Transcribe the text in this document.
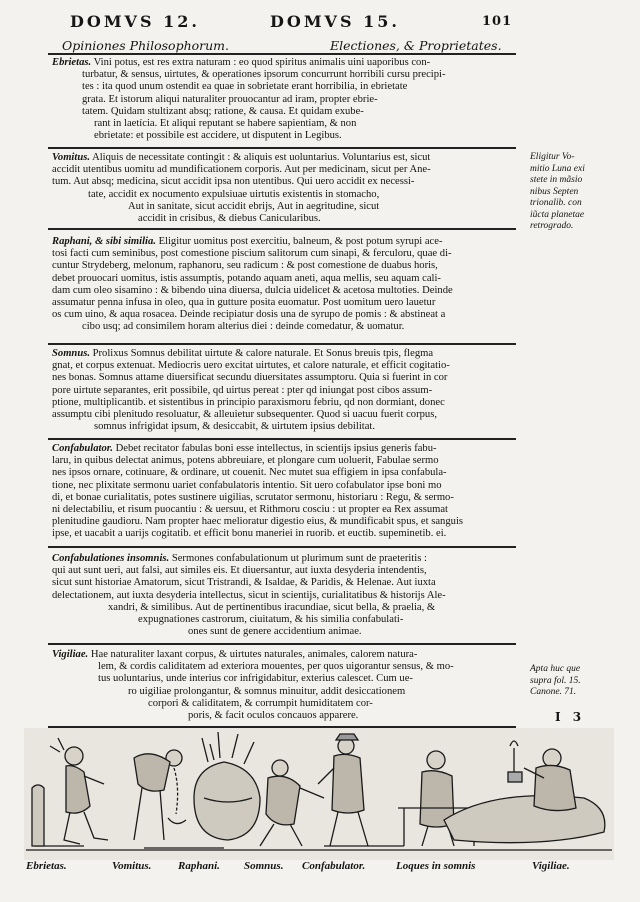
DOMVS 12.	DOMVS 15.	101
Opiniones Philosophorum.	Electiones, & Proprietates.
Ebrietas. Vini potus, est res extra naturam : eo quod spiritus animalis uini uaporibus con-
turbatur, & sensus, uirtutes, & operationes ipsorum concurrunt horribili cursu precipi-
tes : ita quod unum ostendit ea quae in sobrietate erant horribilia, in ebrietate
grata. Et istorum aliqui naturaliter prouocantur ad iram, propter ebrie-
tatem. Quidam stultizant absq; ratione, & causa. Et quidam exube-
rant in laetícia. Et aliqui reputant se habere sapientiam, & non
ebrietate: et possibile est accidere, ut disputent in Legibus.
Vomitus. Aliquis de necessitate contingit : & aliquis est uoluntarius. Voluntarius est, sicut
accidit utentibus uomitu ad mundificationem corporis. Aut per medicinam, sicut per Ane-
tum. Aut absq; medicina, sicut accidit ipsa non utentibus. Qui uero accidit ex necessi-
tate, accidit ex nocumento expulsiuae uirtutis existentis in stomacho,
Aut in sanitate, sicut accidit ebrijs, Aut in aegritudine, sicut
accidit in crisibus, & diebus Canicularibus.
Raphani, & sibi similia. Eligitur uomitus post exercitiu, balneum, & post potum syrupi ace-
tosi facti cum seminibus, post comestione piscium salitorum cum sinapi, & ferculoru, quae di-
cuntur Strydeberg, melonum, raphanoru, seu radicum : & post comestione de duabus horis,
debet prouocari uomitus, istis assumptis, potando aquam aneti, aqua mellis, seu aquam cali-
dam cum oleo sisamino : & bibendo uina diuersa, dulcia uidelicet & acetosa multoties. Deinde
assumatur penna infusa in oleo, qua in gutture posita euomatur. Post uomitum uero lauetur
os cum uino, & aqua rosacea. Deinde recipiatur dosis una de syrupo de pomis : & abstineat a
cibo usq; ad consimilem horam alterius diei : deinde comedatur, & uomatur.
Somnus. Prolixus Somnus debilitat uirtute & calore naturale. Et Sonus breuis tpis, flegma
gnat, et corpus extenuat. Mediocris uero excitat uirtutes, et calore naturale, et efficit cogitatio-
nes bonas. Somnus attame diuersificat secundu diuersitates assumptoru. Quia si fuerint in cor
pore uirtute separantes, erit possibile, qd uirtus pereat : pter qd iniungat post cibos assum-
ptione, multiplicantib. et sistentibus in principio paraxismoru febriu, qd non dormiant, donec
assumptu cibi plenitudo resoluatur, & alleuietur subsequenter. Quod si uacuu fuerit corpus,
somnus infrigidat ipsum, & desiccabit, & uirtutem ipsius debilitat.
Confabulator. Debet recitator fabulas boni esse intellectus, in scientijs ipsius generis fabu-
laru, in quibus delectat animus, potens abbreuiare, et plongare cum uoluerit, Fabulae sermo
nes ipsos ornare, cotinuare, & ordinare, ut couenit. Nec mutet sua effigiem in ipsa confabula-
tione, nec plixitate sermonu uariet confabulatoris intentio. Sit uero cofabulator ipse boni mo
di, et bonae curialitatis, potes sustinere uigilias, scrutator sermonu, historiaru : Regu, & sermo-
ni delectabiliu, et risum puocantiu : & uersuu, et Rithmoru cosciu : ut propter ea Rex assumat
plenitudine gaudioru. Nam propter haec melioratur digestio eius, & mundificabit spus, et sanguis
ipse, et uacabit a uarijs cogitatib. et efficit bonu maneriei in ruorib. et euctib. supeminetib. ei.
Confabulationes insomnis. Sermones confabulationum ut plurimum sunt de praeteritis :
qui aut sunt ueri, aut falsi, aut similes eis. Et diuersantur, aut iuxta desyderia intendentis,
sicut sunt historiae Amatorum, sicut Tristrandi, & Isaldae, & Paridis, & Helenae. Aut iuxta
delectationem, aut iuxta desyderia intellectus, sicut in scientijs, curialitatibus & historijs Ale-
xandri, & similibus. Aut de pertinentibus iracundiae, sicut bella, & praelia, &
expugnationes castrorum, ciuitatum, & his similia confabulati-
ones sunt de genere accidentium animae.
Vigiliae. Hae naturaliter laxant corpus, & uirtutes naturales, animales, calorem natura-
lem, & cordis caliditatem ad exteriora mouentes, per quos uigorantur sensus, & mo-
tus uoluntarius, unde interius cor infrigidabitur, exterius calescet. Cum ue-
ro uigiliae prolongantur, & somnus minuitur, addit desiccationem
corpori & caliditatem, & corrumpit humiditatem cor-
poris, & facit oculos concauos apparere.
Eligitur Vo-
mitio Luna exi
stete in mãsio
nibus Septen
trionalib. con
iũcta planetae
retrogrado.
Apta huc que
supra fol. 15.
Canone. 71.
I 3
Ebrietas.	Vomitus. Raphani. Somnus. Confabulator.	Loques in somnis	Vigiliae.
